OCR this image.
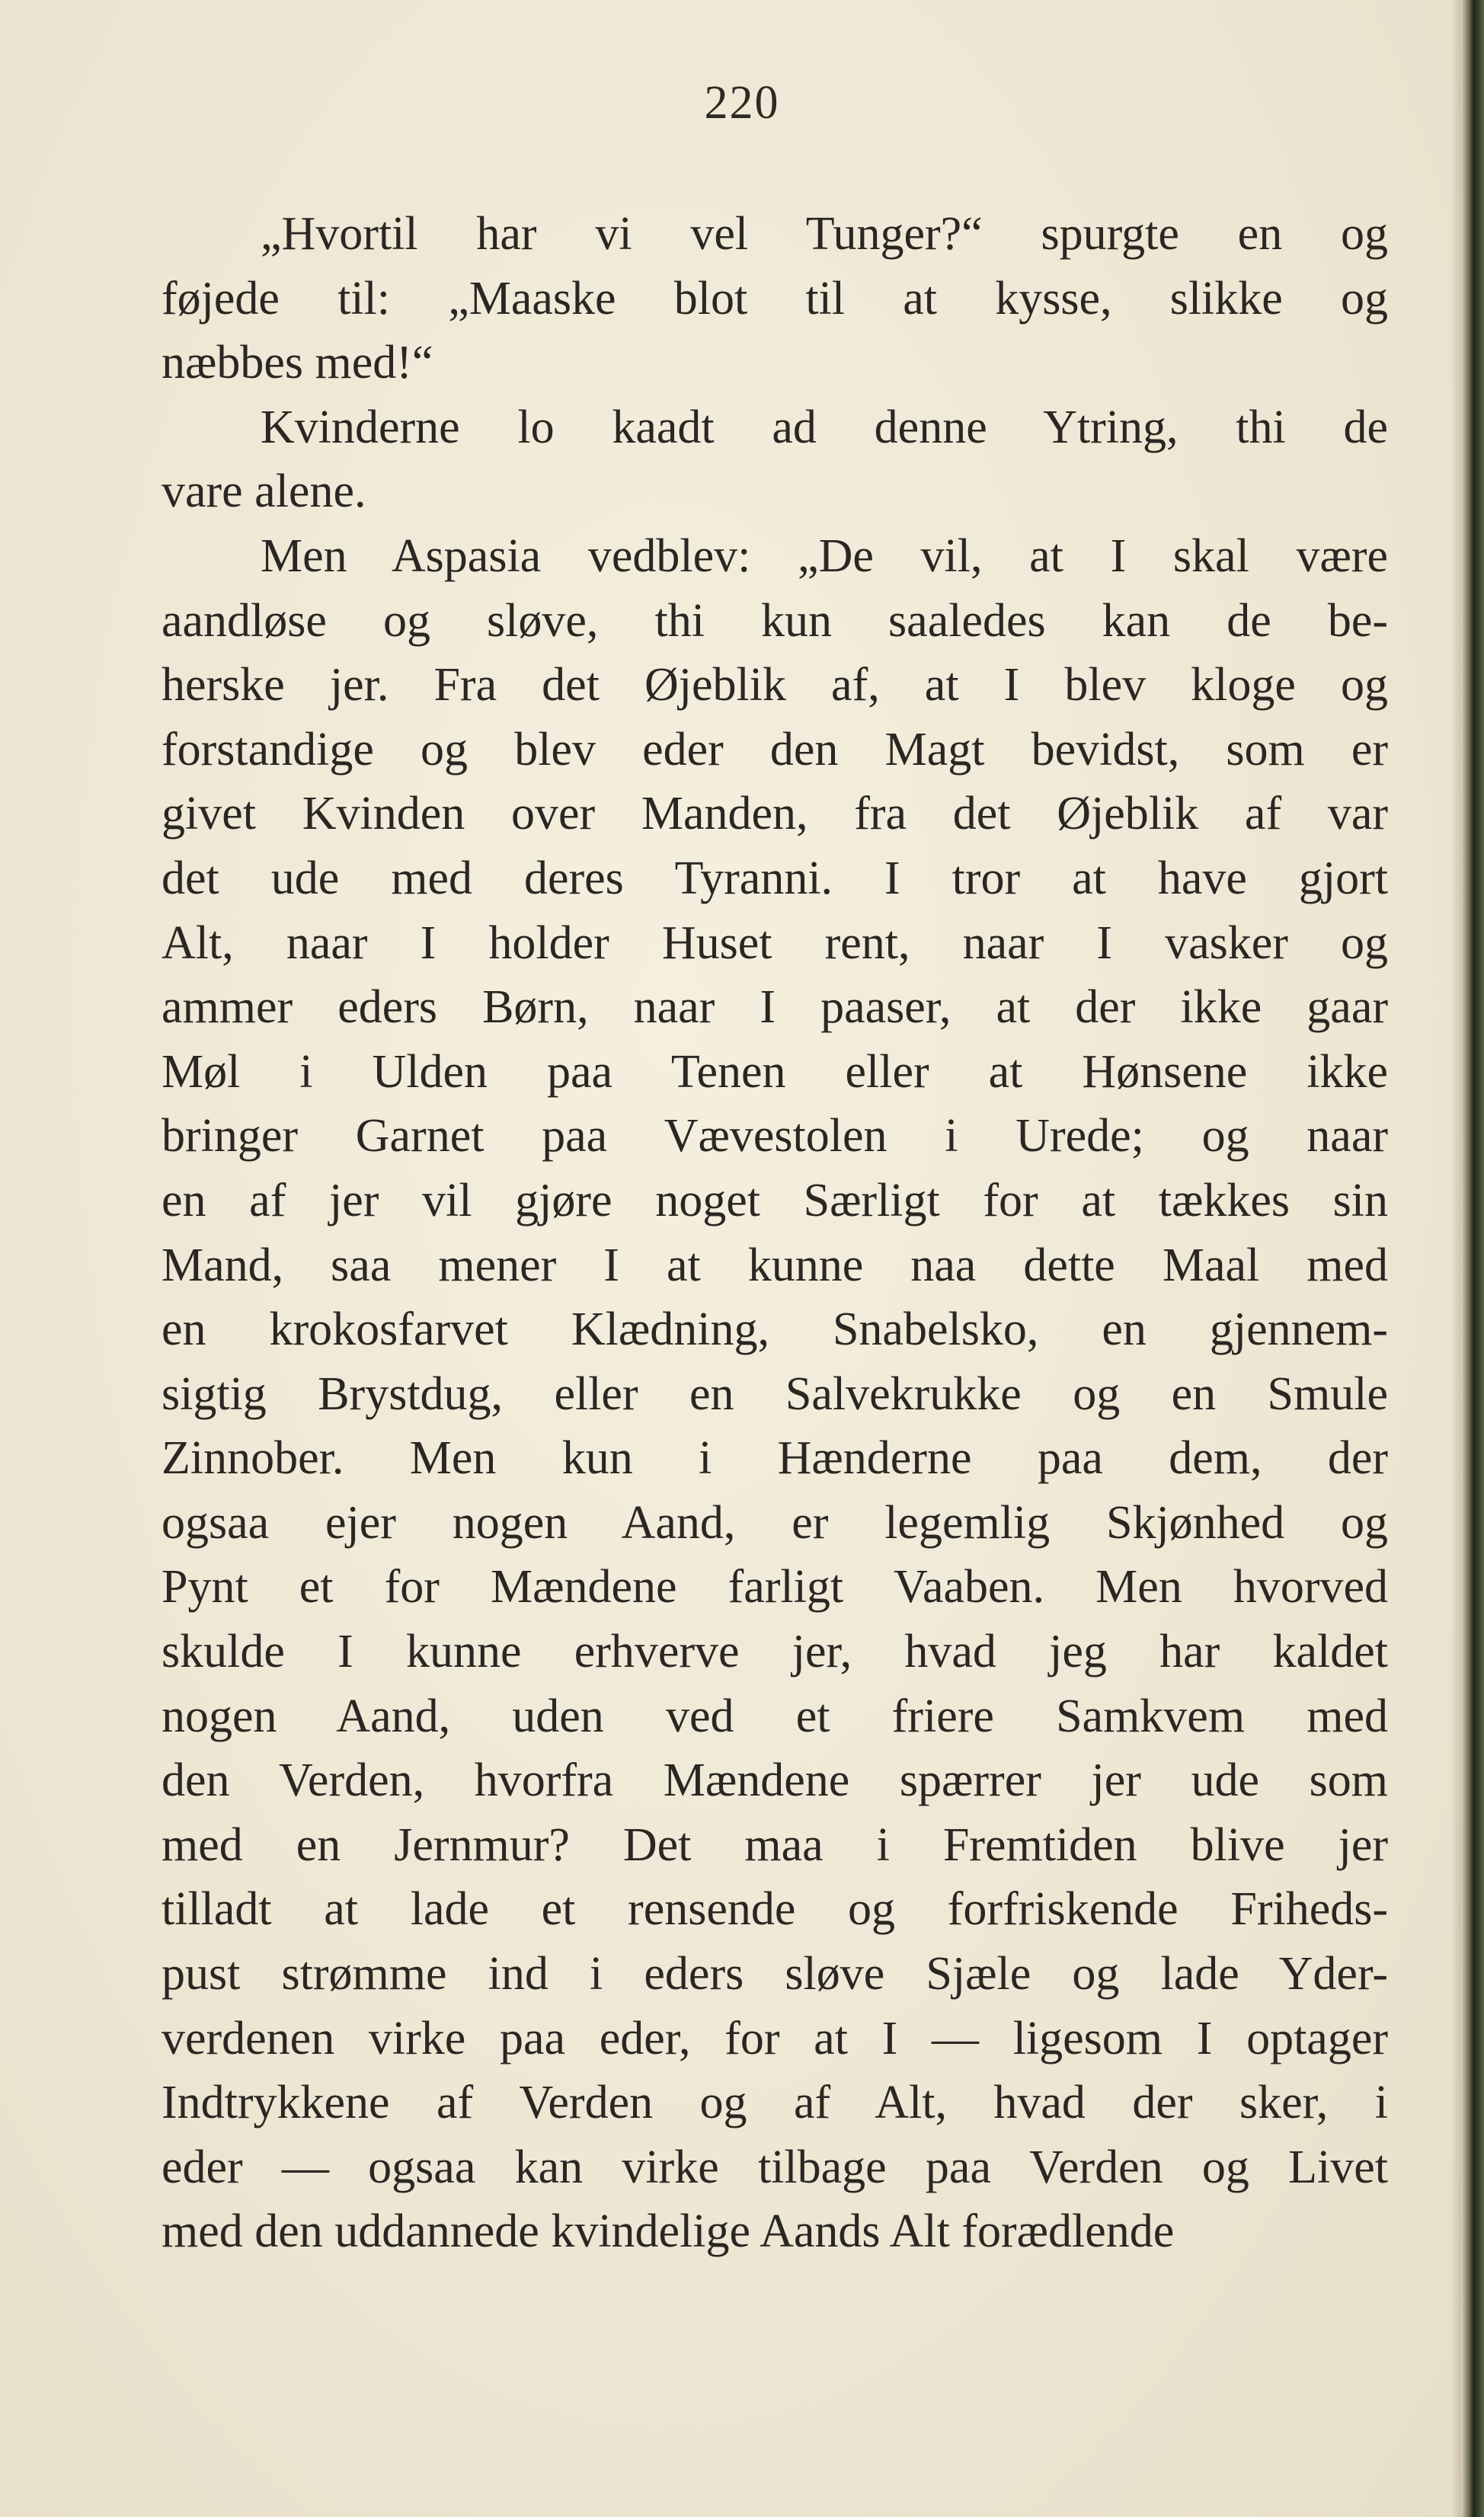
220
„Hvortil har vi vel Tunger?“ spurgte en og
føjede til: „Maaske blot til at kysse, slikke og
næbbes med!“
Kvinderne lo kaadt ad denne Ytring, thi de
vare alene.
Men Aspasia vedblev: „De vil, at I skal være
aandløse og sløve, thi kun saaledes kan de be-
herske jer. Fra det Øjeblik af, at I blev kloge og
forstandige og blev eder den Magt bevidst, som er
givet Kvinden over Manden, fra det Øjeblik af var
det ude med deres Tyranni. I tror at have gjort
Alt, naar I holder Huset rent, naar I vasker og
ammer eders Børn, naar I paaser, at der ikke gaar
Møl i Ulden paa Tenen eller at Hønsene ikke
bringer Garnet paa Vævestolen i Urede; og naar
en af jer vil gjøre noget Særligt for at tækkes sin
Mand, saa mener I at kunne naa dette Maal med
en krokosfarvet Klædning, Snabelsko, en gjennem-
sigtig Brystdug, eller en Salvekrukke og en Smule
Zinnober. Men kun i Hænderne paa dem, der
ogsaa ejer nogen Aand, er legemlig Skjønhed og
Pynt et for Mændene farligt Vaaben. Men hvorved
skulde I kunne erhverve jer, hvad jeg har kaldet
nogen Aand, uden ved et friere Samkvem med
den Verden, hvorfra Mændene spærrer jer ude som
med en Jernmur? Det maa i Fremtiden blive jer
tilladt at lade et rensende og forfriskende Friheds-
pust strømme ind i eders sløve Sjæle og lade Yder-
verdenen virke paa eder, for at I — ligesom I optager
Indtrykkene af Verden og af Alt, hvad der sker, i
eder — ogsaa kan virke tilbage paa Verden og Livet
med den uddannede kvindelige Aands Alt forædlende
